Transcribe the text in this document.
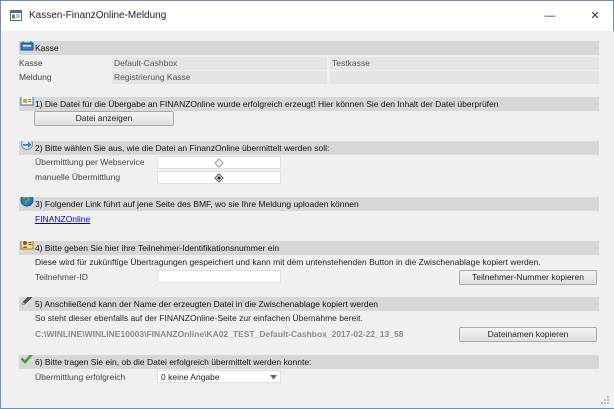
Kassen-FinanzOnline-Meldung	—	✕
Kasse
Kasse	Default-Cashbox	Testkasse
Meldung	Registrierung Kasse
1) Die Datei für die Übergabe an FINANZOnline wurde erfolgreich erzeugt! Hier können Sie den Inhalt der Datei überprüfen
Datei anzeigen
2) Bitte wählen Sie aus, wie die Datei an FinanzOnline übermittelt werden soll:
Übermittlung per Webservice
manuelle Übermittlung
3) Folgender Link führt auf jene Seite des BMF, wo sie Ihre Meldung uploaden können
FINANZOnline
4) Bitte geben Sie hier ihre Teilnehmer-Identifikationsnummer ein
Diese wird für zukünftige Übertragungen gespeichert und kann mit dem untenstehenden Button in die Zwischenablage kopiert werden.
Teilnehmer-ID	Teilnehmer-Nummer kopieren
5) Anschließend kann der Name der erzeugten Datei in die Zwischenablage kopiert werden
So steht dieser ebenfalls auf der FINANZOnline-Seite zur einfachen Übernahme bereit.
C:\WINLINE\WINLINE10003\FINANZOnline\KA02_TEST_Default-Cashbox_2017-02-22_13_58	Dateinamen kopieren
6) Bitte tragen Sie ein, ob die Datei erfolgreich übermittelt werden konnte:
Übermittlung erfolgreich	0 keine Angabe
